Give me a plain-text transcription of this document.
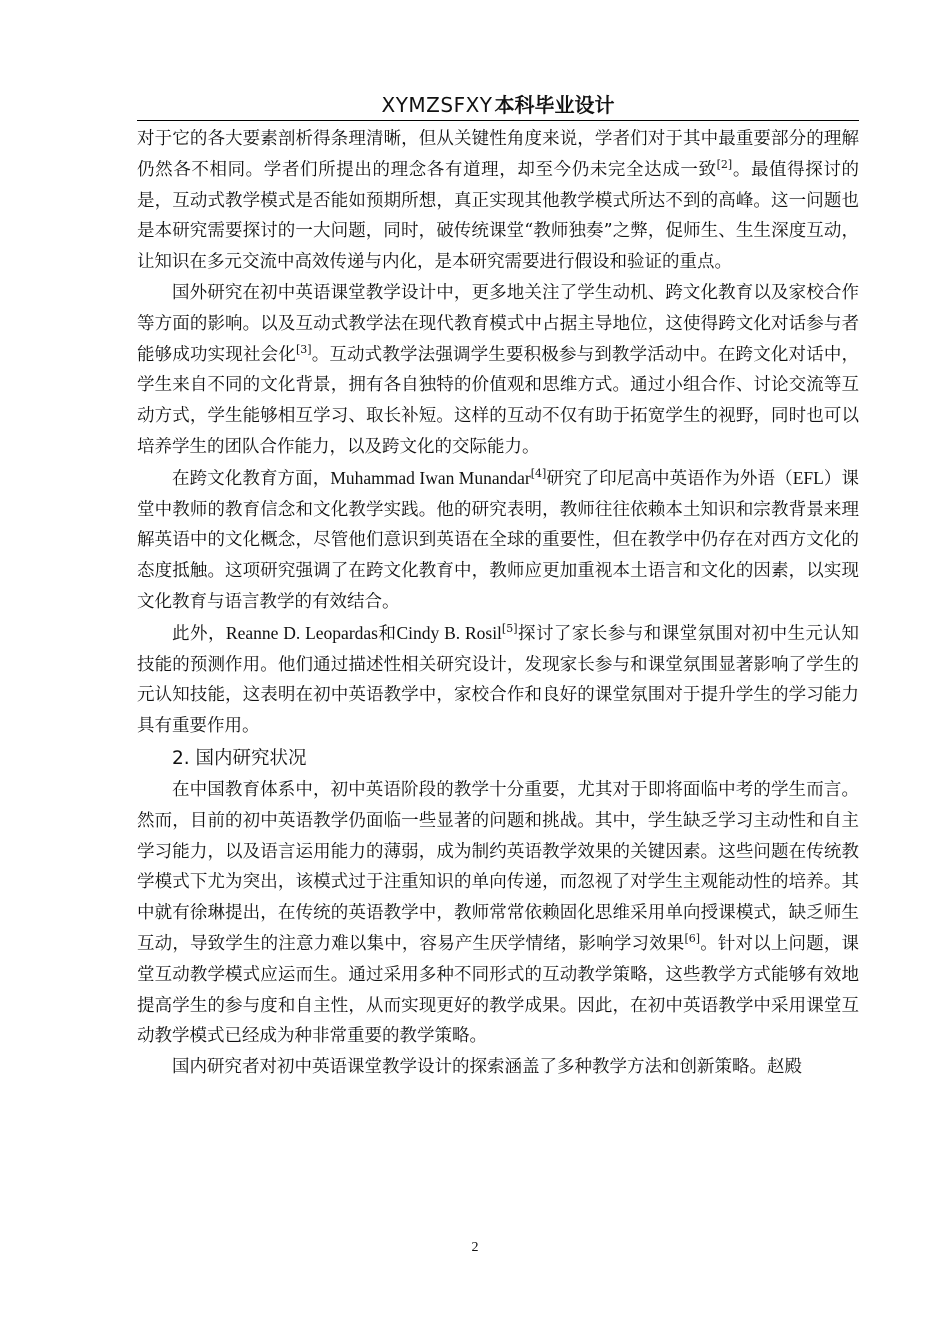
XYMZSFXY 本科毕业设计

对于它的各大要素剖析得条理清晰，但从关键性角度来说，学者们对于其中最重要部分的理解仍然各不相同。学者们所提出的理念各有道理，却至今仍未完全达成一致[2]。最值得探讨的是，互动式教学模式是否能如预期所想，真正实现其他教学模式所达不到的高峰。这一问题也是本研究需要探讨的一大问题，同时，破传统课堂“教师独奏”之弊，促师生、生生深度互动，让知识在多元交流中高效传递与内化，是本研究需要进行假设和验证的重点。

国外研究在初中英语课堂教学设计中，更多地关注了学生动机、跨文化教育以及家校合作等方面的影响。以及互动式教学法在现代教育模式中占据主导地位，这使得跨文化对话参与者能够成功实现社会化[3]。互动式教学法强调学生要积极参与到教学活动中。在跨文化对话中，学生来自不同的文化背景，拥有各自独特的价值观和思维方式。通过小组合作、讨论交流等互动方式，学生能够相互学习、取长补短。这样的互动不仅有助于拓宽学生的视野，同时也可以培养学生的团队合作能力，以及跨文化的交际能力。

在跨文化教育方面，Muhammad Iwan Munandar[4]研究了印尼高中英语作为外语（EFL）课堂中教师的教育信念和文化教学实践。他的研究表明，教师往往依赖本土知识和宗教背景来理解英语中的文化概念，尽管他们意识到英语在全球的重要性，但在教学中仍存在对西方文化的态度抵触。这项研究强调了在跨文化教育中，教师应更加重视本土语言和文化的因素，以实现文化教育与语言教学的有效结合。

此外，Reanne D. Leopardas和Cindy B. Rosil[5]探讨了家长参与和课堂氛围对初中生元认知技能的预测作用。他们通过描述性相关研究设计，发现家长参与和课堂氛围显著影响了学生的元认知技能，这表明在初中英语教学中，家校合作和良好的课堂氛围对于提升学生的学习能力具有重要作用。

2. 国内研究状况

在中国教育体系中，初中英语阶段的教学十分重要，尤其对于即将面临中考的学生而言。然而，目前的初中英语教学仍面临一些显著的问题和挑战。其中，学生缺乏学习主动性和自主学习能力，以及语言运用能力的薄弱，成为制约英语教学效果的关键因素。这些问题在传统教学模式下尤为突出，该模式过于注重知识的单向传递，而忽视了对学生主观能动性的培养。其中就有徐琳提出，在传统的英语教学中，教师常常依赖固化思维采用单向授课模式，缺乏师生互动，导致学生的注意力难以集中，容易产生厌学情绪，影响学习效果[6]。针对以上问题，课堂互动教学模式应运而生。通过采用多种不同形式的互动教学策略，这些教学方式能够有效地提高学生的参与度和自主性，从而实现更好的教学成果。因此，在初中英语教学中采用课堂互动教学模式已经成为种非常重要的教学策略。

国内研究者对初中英语课堂教学设计的探索涵盖了多种教学方法和创新策略。赵殿

2
